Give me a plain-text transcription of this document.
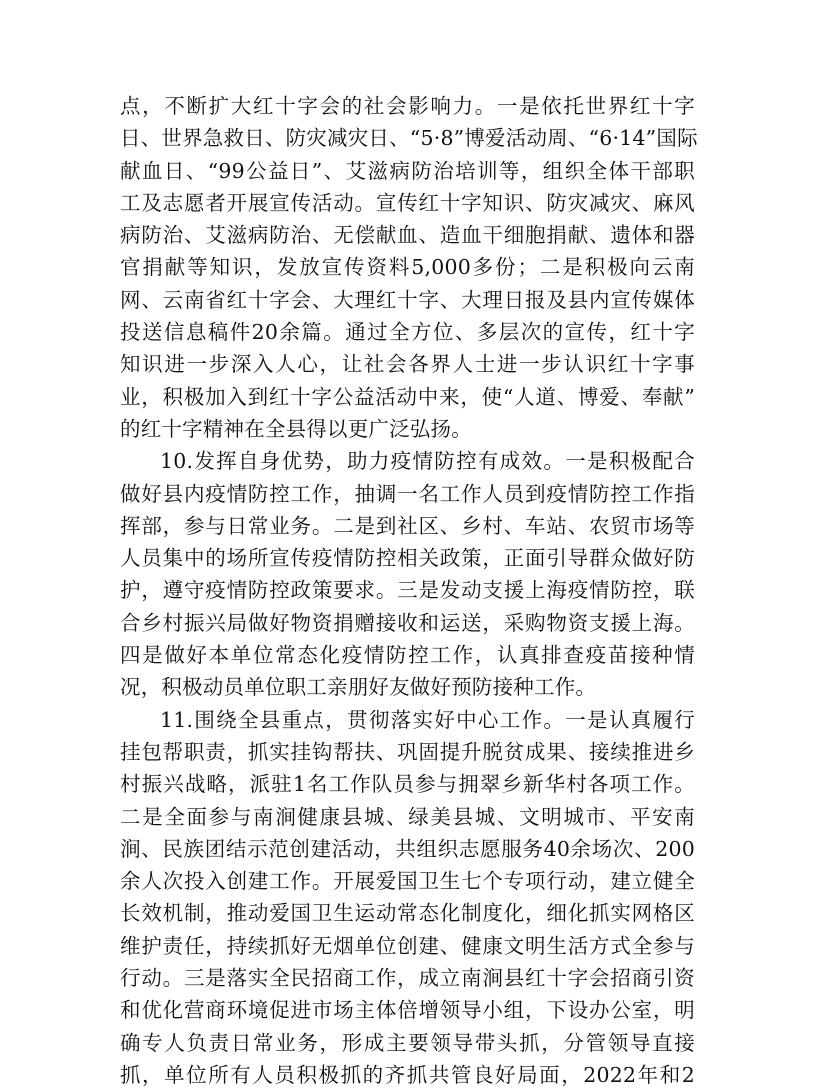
点，不断扩大红十字会的社会影响力。一是依托世界红十字
日、世界急救日、防灾减灾日、“5·8”博爱活动周、“6·14”国际
献血日、“99公益日”、艾滋病防治培训等，组织全体干部职
工及志愿者开展宣传活动。宣传红十字知识、防灾减灾、麻风
病防治、艾滋病防治、无偿献血、造血干细胞捐献、遗体和器
官捐献等知识，发放宣传资料5,000多份；二是积极向云南
网、云南省红十字会、大理红十字、大理日报及县内宣传媒体
投送信息稿件20余篇。通过全方位、多层次的宣传，红十字
知识进一步深入人心，让社会各界人士进一步认识红十字事
业，积极加入到红十字公益活动中来，使“人道、博爱、奉献”
的红十字精神在全县得以更广泛弘扬。
10.发挥自身优势，助力疫情防控有成效。一是积极配合
做好县内疫情防控工作，抽调一名工作人员到疫情防控工作指
挥部，参与日常业务。二是到社区、乡村、车站、农贸市场等
人员集中的场所宣传疫情防控相关政策，正面引导群众做好防
护，遵守疫情防控政策要求。三是发动支援上海疫情防控，联
合乡村振兴局做好物资捐赠接收和运送，采购物资支援上海。
四是做好本单位常态化疫情防控工作，认真排查疫苗接种情
况，积极动员单位职工亲朋好友做好预防接种工作。
11.围绕全县重点，贯彻落实好中心工作。一是认真履行
挂包帮职责，抓实挂钩帮扶、巩固提升脱贫成果、接续推进乡
村振兴战略，派驻1名工作队员参与拥翠乡新华村各项工作。
二是全面参与南涧健康县城、绿美县城、文明城市、平安南
涧、民族团结示范创建活动，共组织志愿服务40余场次、200
余人次投入创建工作。开展爱国卫生七个专项行动，建立健全
长效机制，推动爱国卫生运动常态化制度化，细化抓实网格区
维护责任，持续抓好无烟单位创建、健康文明生活方式全参与
行动。三是落实全民招商工作，成立南涧县红十字会招商引资
和优化营商环境促进市场主体倍增领导小组，下设办公室，明
确专人负责日常业务，形成主要领导带头抓，分管领导直接
抓，单位所有人员积极抓的齐抓共管良好局面，2022年和2
